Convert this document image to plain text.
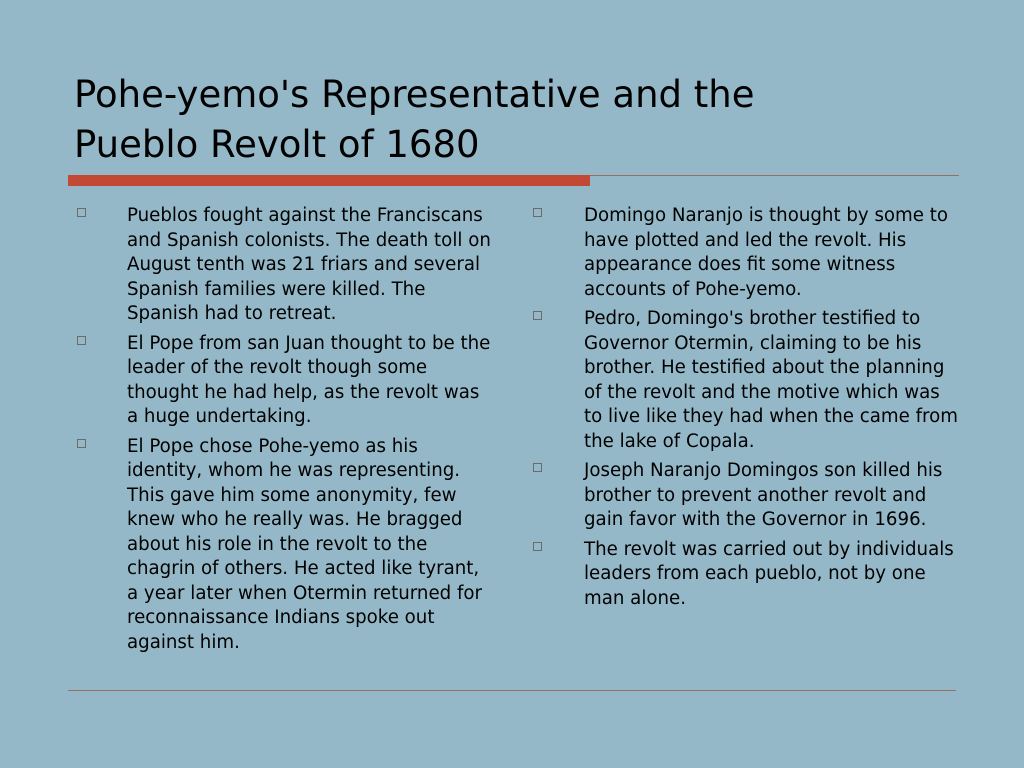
Pohe-yemo's Representative and the
Pueblo Revolt of 1680
Pueblos fought against the Franciscans and Spanish colonists. The death toll on August tenth was 21 friars and several Spanish families were killed. The Spanish had to retreat.
El Pope from san Juan thought to be the leader of the revolt though some thought he had help, as the revolt was a huge undertaking.
El Pope chose Pohe-yemo as his identity, whom he was representing. This gave him some anonymity, few knew who he really was. He bragged about his role in the revolt to the chagrin of others. He acted like tyrant, a year later when Otermin returned for reconnaissance Indians spoke out against him.
Domingo Naranjo is thought by some to have plotted and led the revolt. His appearance does fit some witness accounts of Pohe-yemo.
Pedro, Domingo's brother testified to Governor Otermin, claiming to be his brother. He testified about the planning of the revolt and the motive which was to live like they had when the came from the lake of Copala.
Joseph Naranjo Domingos son killed his brother to prevent another revolt and gain favor with the Governor in 1696.
The revolt was carried out by individuals leaders from each pueblo, not by one man alone.
